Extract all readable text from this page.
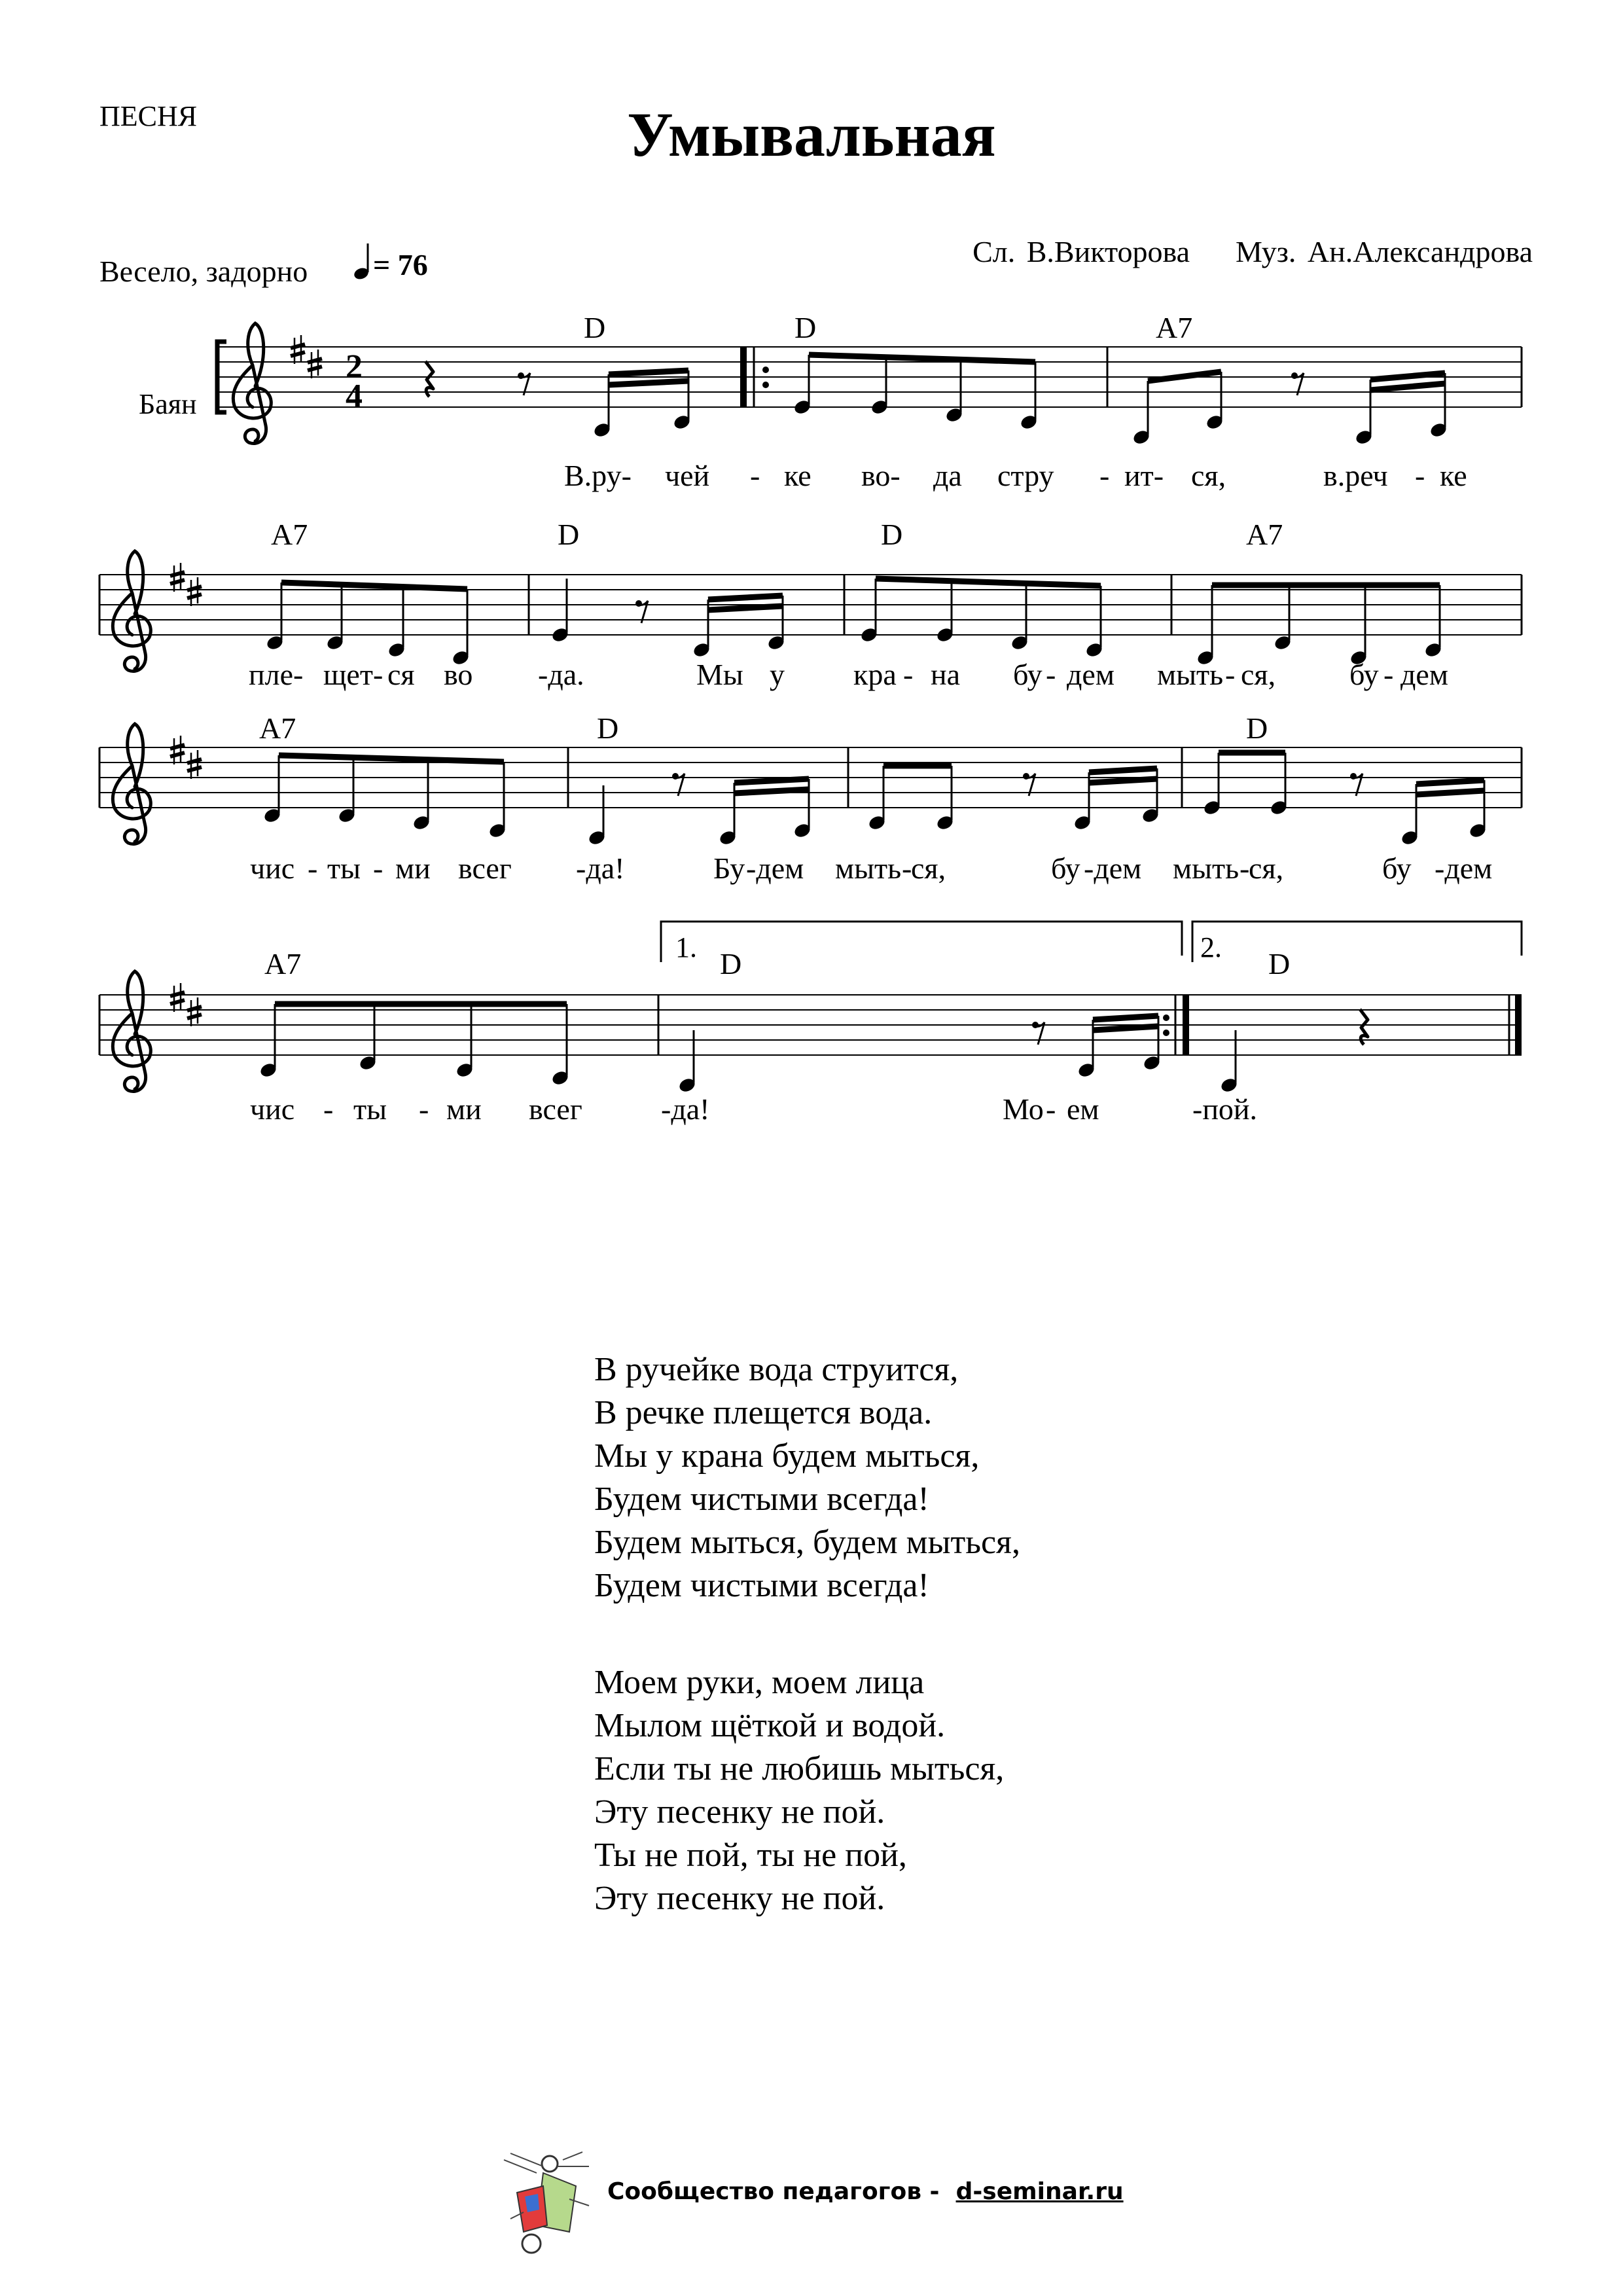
ПЕСНЯ	Умывальная
Сл. В.Викторова Муз. Ан.Александрова
Весело, задорно	= 76
Баян
2
4
1.	2.
D	D	A7
A7	D	D	A7
A7	D	D
A7	D	D
В.ру- чей - ке во- да стру - ит- ся,	в.реч - ке
пле- щет- ся во -да.	Мы у кра - на бу - дем мыть - ся, бу - дем
чис - ты - ми всег -да!	Бу -дем мыть -
ся,	бу -дем мыть -
ся,	бу -дем
чис - ты - ми всег	-да!	Мо - ем	-пой.
В ручейке вода струится,
В речке плещется вода.
Мы у крана будем мыться,
Будем чистыми всегда!
Будем мыться, будем мыться,
Будем чистыми всегда!
Моем руки, моем лица
Мылом щёткой и водой.
Если ты не любишь мыться,
Эту песенку не пой.
Ты не пой, ты не пой,
Эту песенку не пой.
Сообщество педагогов - d-seminar.ru
